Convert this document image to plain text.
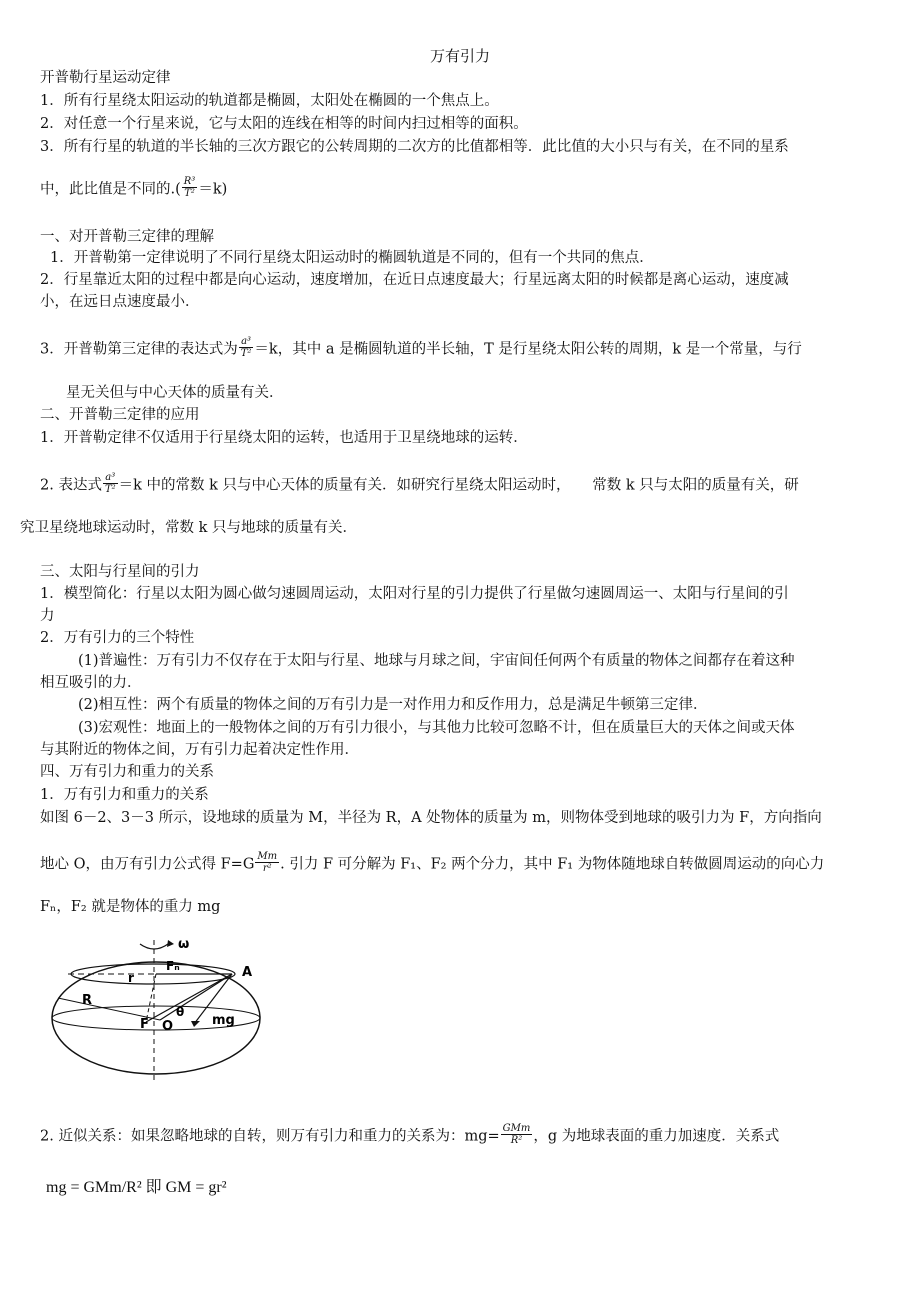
万有引力
开普勒行星运动定律
1．所有行星绕太阳运动的轨道都是椭圆，太阳处在椭圆的一个焦点上。
2．对任意一个行星来说，它与太阳的连线在相等的时间内扫过相等的面积。
3．所有行星的轨道的半长轴的三次方跟它的公转周期的二次方的比值都相等．此比值的大小只与有关，在不同的星系
中，此比值是不同的.( $\frac{\text{R³}}{\text{T²}} =k$)
一、对开普勒三定律的理解
1．开普勒第一定律说明了不同行星绕太阳运动时的椭圆轨道是不同的，但有一个共同的焦点．
2．行星靠近太阳的过程中都是向心运动，速度增加，在近日点速度最大；行星远离太阳的时候都是离心运动，速度减
小，在远日点速度最小．
3．开普勒第三定律的表达式为 $\frac{\text{a³}}{\text{T²}} =k$，其中 a 是椭圆轨道的半长轴，T 是行星绕太阳公转的周期，k 是一个常量，与行
星无关但与中心天体的质量有关．
二、开普勒三定律的应用
1．开普勒定律不仅适用于行星绕太阳的运转，也适用于卫星绕地球的运转．
2. 表达式 $\frac{\text{a³}}{\text{T²}} =k$ 中的常数 k 只与中心天体的质量有关．如研究行星绕太阳运动时，　　常数 k 只与太阳的质量有关，研
究卫星绕地球运动时，常数 k 只与地球的质量有关．
三、太阳与行星间的引力
1．模型简化：行星以太阳为圆心做匀速圆周运动，太阳对行星的引力提供了行星做匀速圆周运一、太阳与行星间的引
力
2．万有引力的三个特性
(1)普遍性：万有引力不仅存在于太阳与行星、地球与月球之间，宇宙间任何两个有质量的物体之间都存在着这种
相互吸引的力．
(2)相互性：两个有质量的物体之间的万有引力是一对作用力和反作用力，总是满足牛顿第三定律．
(3)宏观性：地面上的一般物体之间的万有引力很小，与其他力比较可忽略不计，但在质量巨大的天体之间或天体
与其附近的物体之间，万有引力起着决定性作用．
四、万有引力和重力的关系
1．万有引力和重力的关系
如图 6－2、3－3 所示，设地球的质量为 M，半径为 R，A 处物体的质量为 m，则物体受到地球的吸引力为 F，方向指向
地心 O，由万有引力公式得 $F=G \frac{Mm}{\text{r²}}$ . 引力 F 可分解为 F₁、F₂ 两个分力，其中 F₁ 为物体随地球自转做圆周运动的向心力
Fₙ，F₂ 就是物体的重力 mg
ω
Fₙ
r	A
R
θ
F O	mg
2. 近似关系：如果忽略地球的自转，则万有引力和重力的关系为：$mg= \frac{\text{GMm}}{\text{R²}}$ ，g 为地球表面的重力加速度．关系式
mg = GMm/R² 即 GM = gr²
